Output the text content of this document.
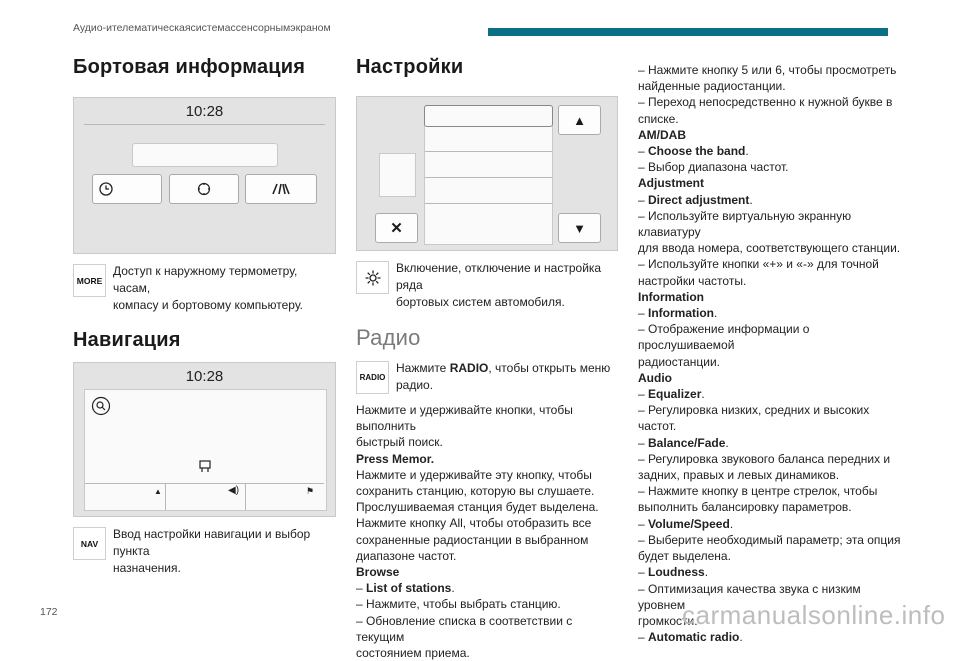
Аудио-ителематическаясистемассенсорнымэкраном
Бортовая информация
10:28
MORE
Доступ к наружному термометру, часам,
компасу и бортовому компьютеру.
Навигация
10:28
▲	◀)	⚑
NAV
Ввод настройки навигации и выбор пункта
назначения.
Настройки
▲
✕	▼
Включение, отключение и настройка ряда
бортовых систем автомобиля.
Радио
RADIO
Нажмите RADIO, чтобы открыть меню
радио.
Нажмите и удерживайте кнопки, чтобы выполнить
быстрый поиск.
Press Memor.
Нажмите и удерживайте эту кнопку, чтобы
сохранить станцию, которую вы слушаете.
Прослушиваемая станция будет выделена.
Нажмите кнопку All, чтобы отобразить все
сохраненные радиостанции в выбранном
диапазоне частот.
Browse
– List of stations.
– Нажмите, чтобы выбрать станцию.
– Обновление списка в соответствии с текущим
состоянием приема.
– Нажмите кнопку 5 или 6, чтобы просмотреть
найденные радиостанции.
– Переход непосредственно к нужной букве в
списке.
AM/DAB
– Choose the band.
– Выбор диапазона частот.
Adjustment
– Direct adjustment.
– Используйте виртуальную экранную клавиатуру
для ввода номера, соответствующего станции.
– Используйте кнопки «+» и «-» для точной
настройки частоты.
Information
– Information.
– Отображение информации о прослушиваемой
радиостанции.
Audio
– Equalizer.
– Регулировка низких, средних и высоких частот.
– Balance/Fade.
– Регулировка звукового баланса передних и
задних, правых и левых динамиков.
– Нажмите кнопку в центре стрелок, чтобы
выполнить балансировку параметров.
– Volume/Speed.
– Выберите необходимый параметр; эта опция
будет выделена.
– Loudness.
– Оптимизация качества звука с низким уровнем
громкости.
– Automatic radio.
172	carmanualsonline.info
